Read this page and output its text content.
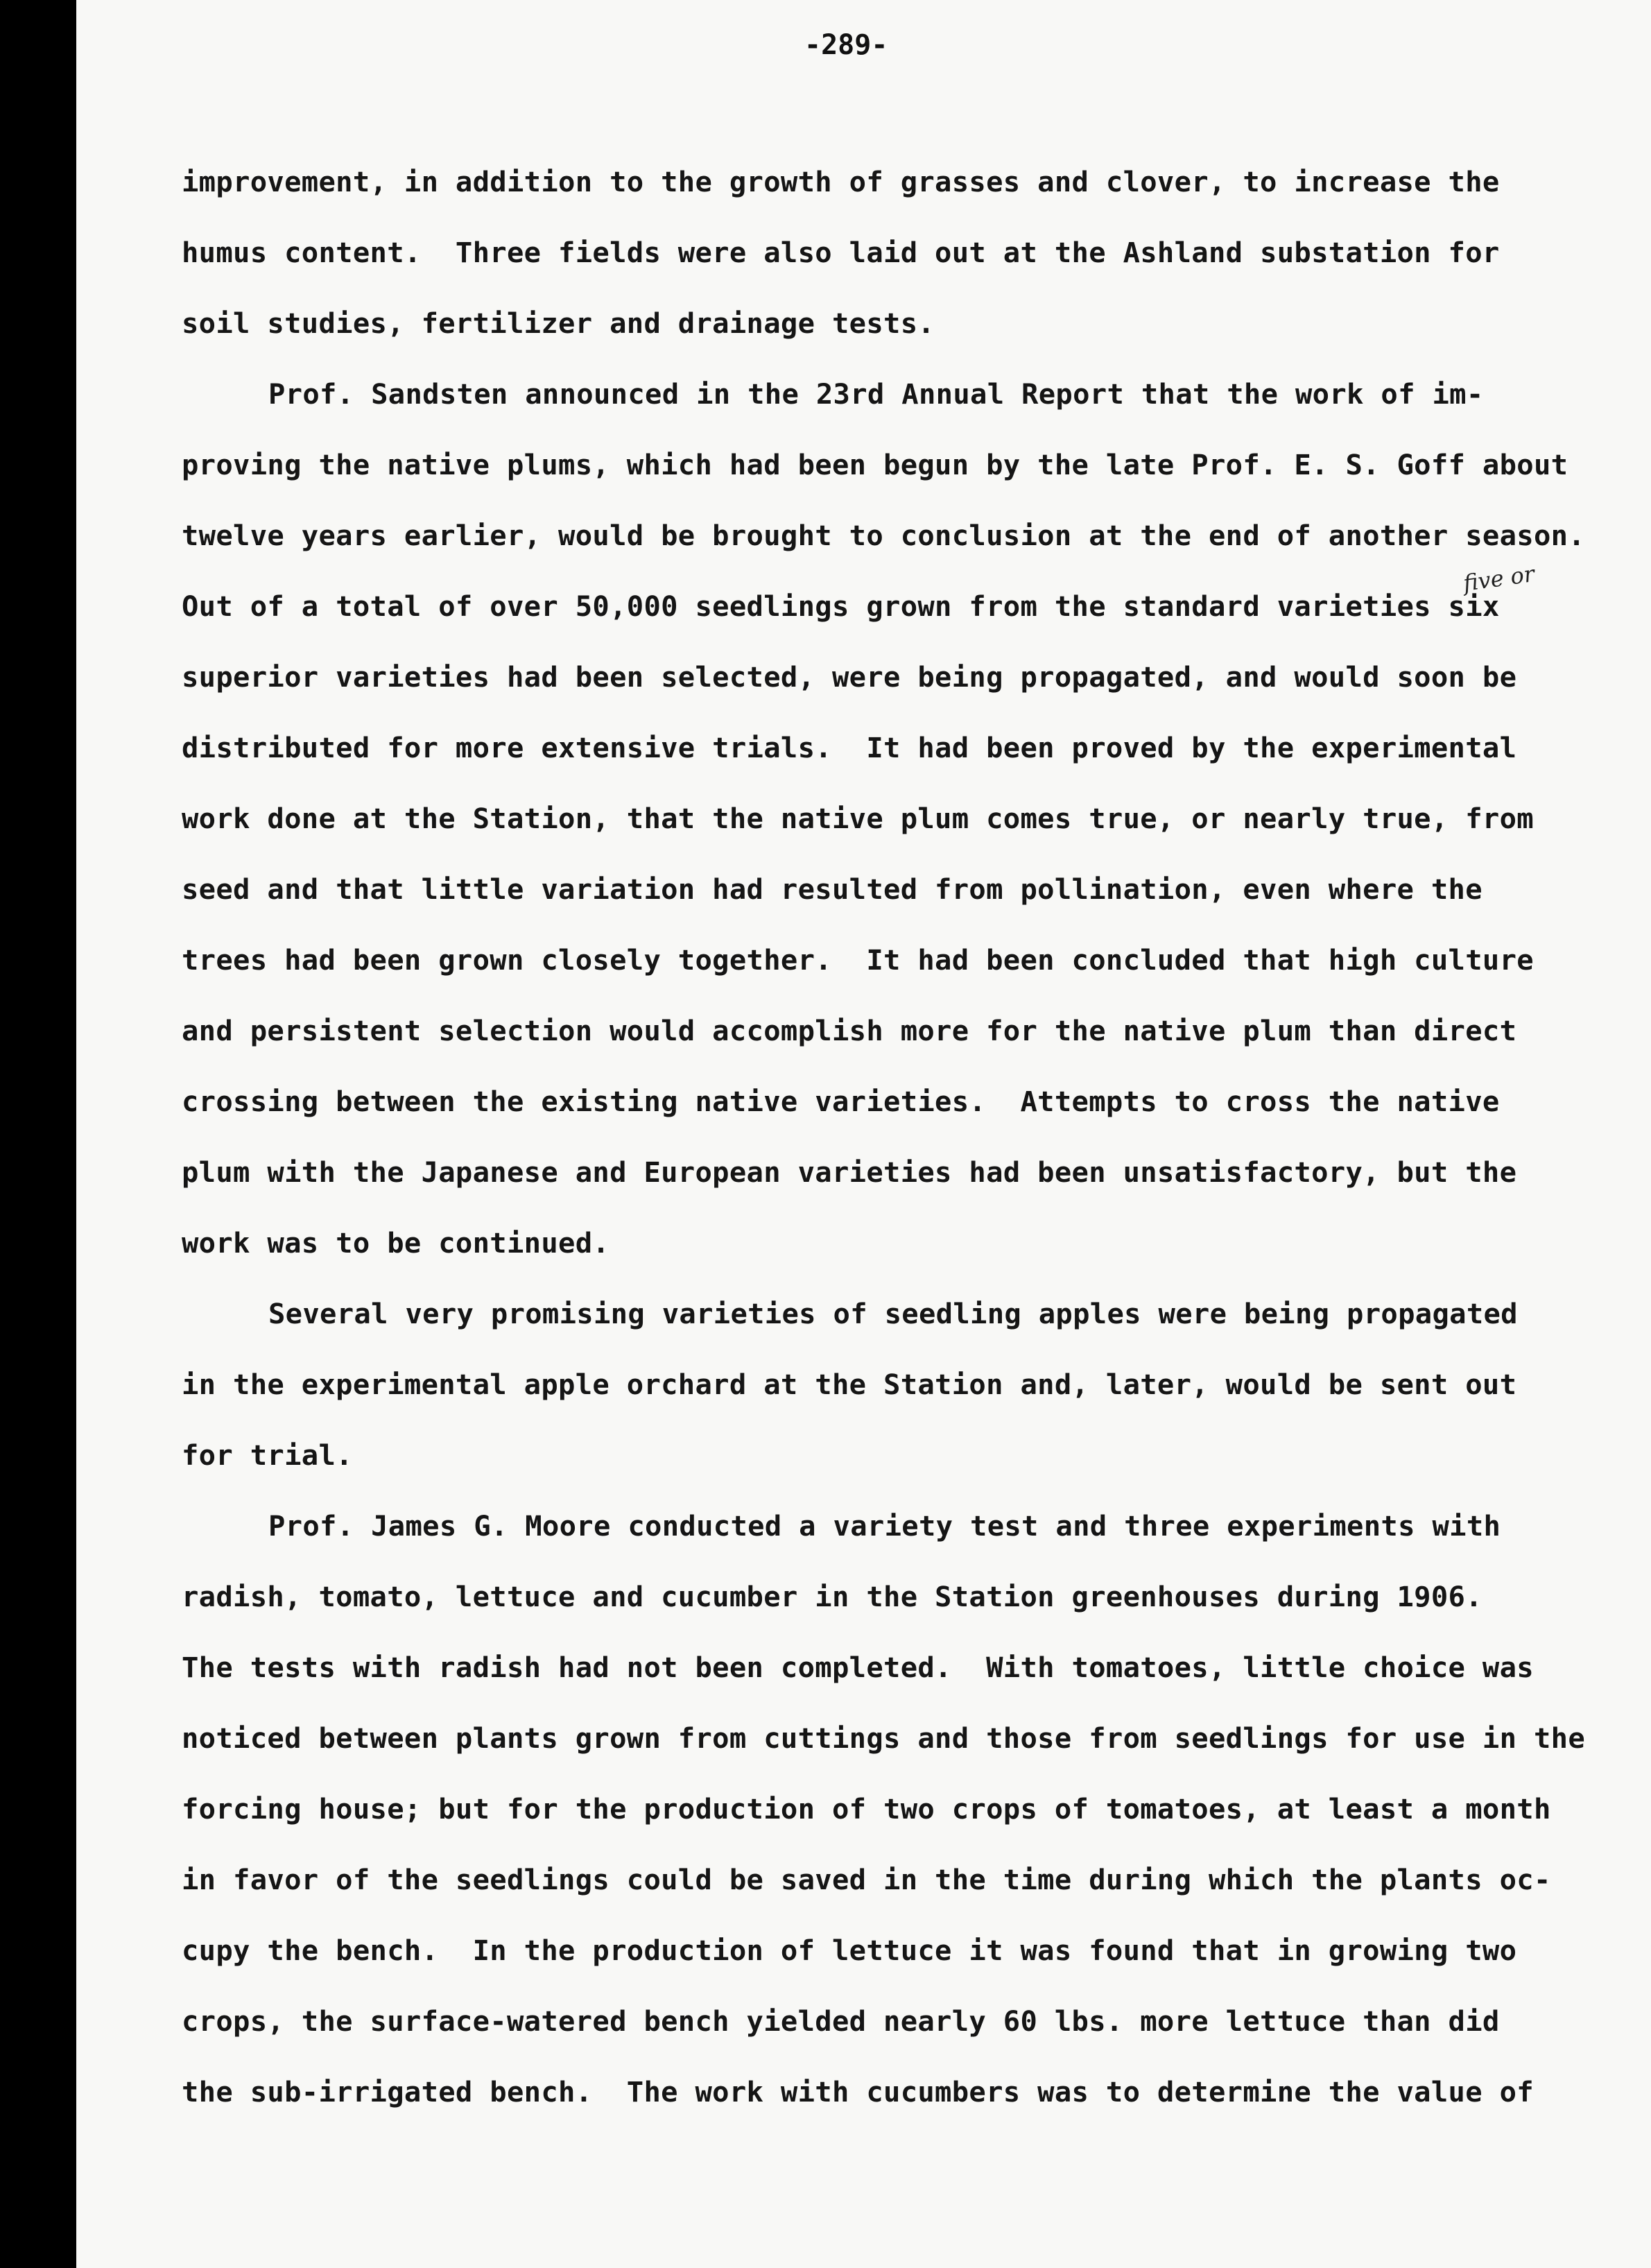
-289-
five or
improvement, in addition to the growth of grasses and clover, to increase the
humus content.  Three fields were also laid out at the Ashland substation for
soil studies, fertilizer and drainage tests.
Prof. Sandsten announced in the 23rd Annual Report that the work of im-
proving the native plums, which had been begun by the late Prof. E. S. Goff about
twelve years earlier, would be brought to conclusion at the end of another season.
Out of a total of over 50,000 seedlings grown from the standard varieties six
superior varieties had been selected, were being propagated, and would soon be
distributed for more extensive trials.  It had been proved by the experimental
work done at the Station, that the native plum comes true, or nearly true, from
seed and that little variation had resulted from pollination, even where the
trees had been grown closely together.  It had been concluded that high culture
and persistent selection would accomplish more for the native plum than direct
crossing between the existing native varieties.  Attempts to cross the native
plum with the Japanese and European varieties had been unsatisfactory, but the
work was to be continued.
Several very promising varieties of seedling apples were being propagated
in the experimental apple orchard at the Station and, later, would be sent out
for trial.
Prof. James G. Moore conducted a variety test and three experiments with
radish, tomato, lettuce and cucumber in the Station greenhouses during 1906.
The tests with radish had not been completed.  With tomatoes, little choice was
noticed between plants grown from cuttings and those from seedlings for use in the
forcing house; but for the production of two crops of tomatoes, at least a month
in favor of the seedlings could be saved in the time during which the plants oc-
cupy the bench.  In the production of lettuce it was found that in growing two
crops, the surface-watered bench yielded nearly 60 lbs. more lettuce than did
the sub-irrigated bench.  The work with cucumbers was to determine the value of
